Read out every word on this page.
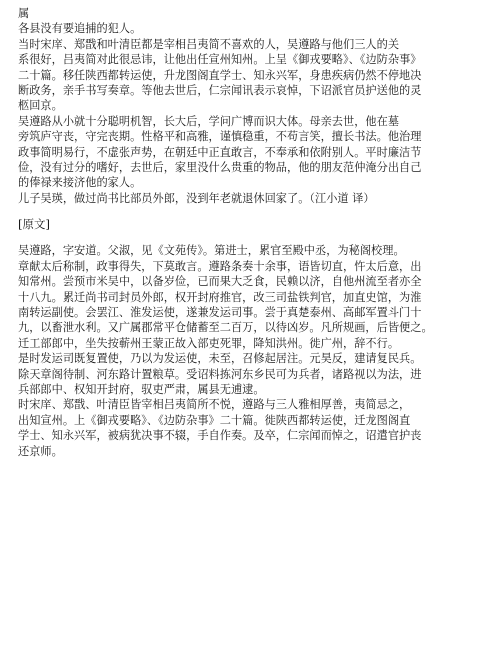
属
各县没有要追捕的犯人。
当时宋庠、郑戬和叶清臣都是宰相吕夷简不喜欢的人，吴遵路与他们三人的关
系很好，吕夷简对此很忌讳，让他出任宣州知州。上呈《御戎要略》、《边防杂事》
二十篇。移任陕西都转运使，升龙图阁直学士、知永兴军，身患疾病仍然不停地决
断政务，亲手书写奏章。等他去世后，仁宗闻讯表示哀悼，下诏派官员护送他的灵
柩回京。
吴遵路从小就十分聪明机智，长大后，学问广博而识大体。母亲去世，他在墓
旁筑庐守丧，守完丧期。性格平和高雅，谨慎稳重，不苟言笑，擅长书法。他治理
政事简明易行，不虚张声势，在朝廷中正直敢言，不奉承和依附别人。平时廉洁节
俭，没有过分的嗜好，去世后，家里没什么贵重的物品，他的朋友范仲淹分出自己
的俸禄来接济他的家人。
儿子吴瑛，做过尚书比部员外郎，没到年老就退休回家了。（江小道 译）
[原文]
吴遵路，字安道。父淑，见《文苑传》。第进士，累官至殿中丞，为秘阁校理。
章献太后称制，政事得失，下莫敢言。遵路条奏十余事，语皆切直，忤太后意，出
知常州。尝预市米吴中，以备岁俭，已而果大乏食，民赖以济，自他州流至者亦全
十八九。累迁尚书司封员外郎，权开封府推官，改三司盐铁判官，加直史馆，为淮
南转运副使。会罢江、淮发运使，遂兼发运司事。尝于真楚泰州、高邮军置斗门十
九，以畜泄水利。又广属郡常平仓储蓄至二百万，以待凶岁。凡所规画，后皆便之。
迁工部郎中，坐失按蕲州王蒙正故入部吏死罪，降知洪州。徙广州，辞不行。
是时发运司既复置使，乃以为发运使，未至，召修起居注。元昊反，建请复民兵。
除天章阁待制、河东路计置粮草。受诏料拣河东乡民可为兵者，诸路视以为法，进
兵部郎中、权知开封府，驭吏严肃，属县无逋逮。
时宋庠、郑戬、叶清臣皆宰相吕夷简所不悦，遵路与三人雅相厚善，夷简忌之，
出知宣州。上《御戎要略》、《边防杂事》二十篇。徙陕西都转运使，迁龙图阁直
学士、知永兴军，被病犹决事不辍，手自作奏。及卒，仁宗闻而悼之，诏遣官护丧
还京师。
